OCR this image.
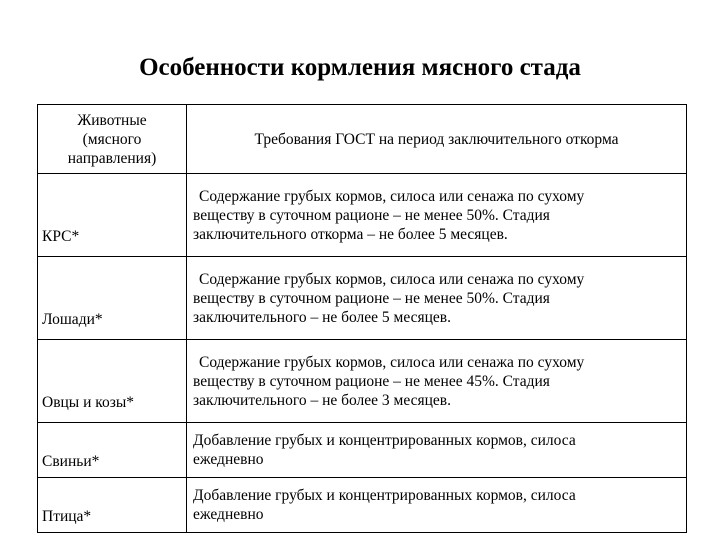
Особенности кормления мясного стада
Животные
(мясного
направления)	Требования ГОСТ на период заключительного откорма
КРС*	Содержание грубых кормов, силоса или сенажа по сухому
веществу в суточном рационе – не менее 50%. Стадия
заключительного откорма – не более 5 месяцев.

Лошади*	Содержание грубых кормов, силоса или сенажа по сухому
веществу в суточном рационе – не менее 50%. Стадия
заключительного – не более 5 месяцев.

Овцы и козы*	Содержание грубых кормов, силоса или сенажа по сухому
веществу в суточном рационе – не менее 45%. Стадия
заключительного – не более 3 месяцев.

Свиньи*	Добавление грубых и концентрированных кормов, силоса
ежедневно

Птица*	Добавление грубых и концентрированных кормов, силоса
ежедневно
